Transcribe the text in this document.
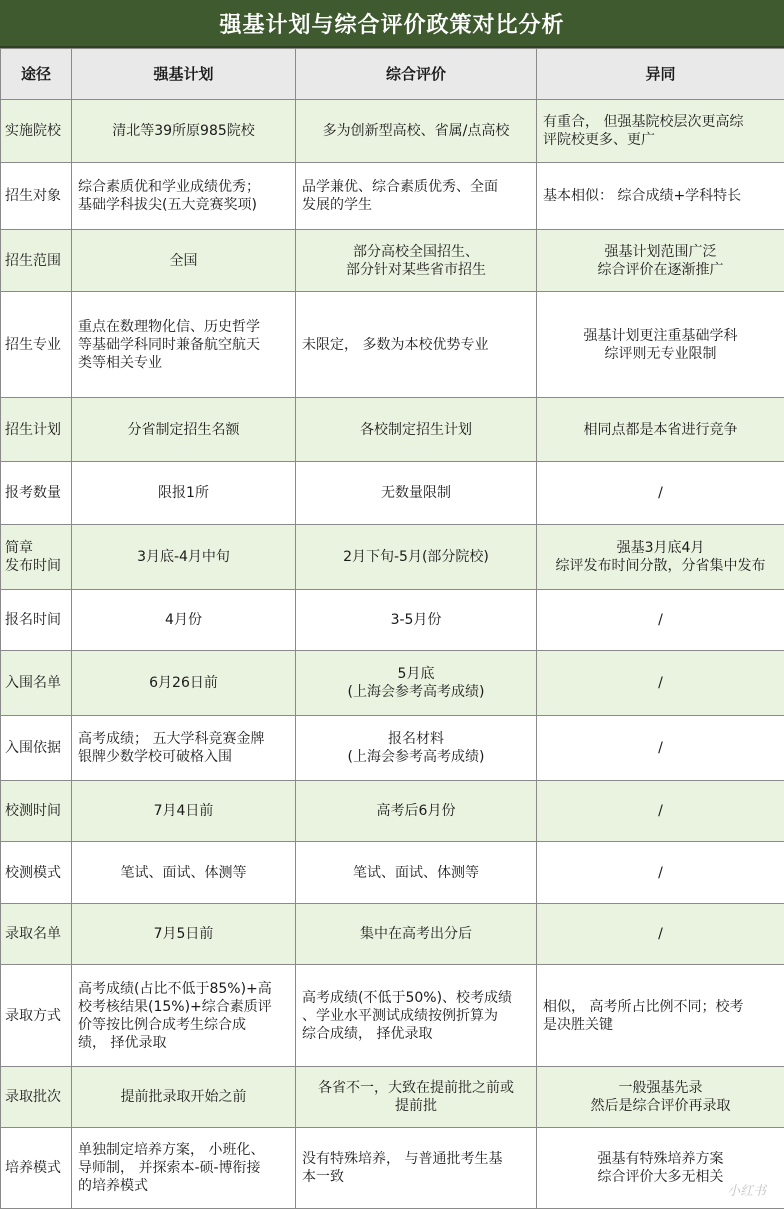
强基计划与综合评价政策对比分析
途径	强基计划	综合评价	异同

实施院校	清北等39所原985院校	多为创新型高校、省属/点高校	有重合， 但强基院校层次更高综
评院校更多、更广

招生对象	综合素质优和学业成绩优秀；
基础学科拔尖(五大竞赛奖项)	品学兼优、综合素质优秀、全面
发展的学生	基本相似： 综合成绩+学科特长

招生范围	全国	部分高校全国招生、
部分针对某些省市招生	强基计划范围广泛
综合评价在逐渐推广

招生专业	重点在数理物化信、历史哲学
等基础学科同时兼备航空航天
类等相关专业	未限定， 多数为本校优势专业	强基计划更注重基础学科
综评则无专业限制

招生计划	分省制定招生名额	各校制定招生计划	相同点都是本省进行竞争

报考数量	限报1所	无数量限制	/

简章
发布时间	3月底-4月中旬	2月下旬-5月(部分院校)	强基3月底4月
综评发布时间分散，分省集中发布

报名时间	4月份	3-5月份	/

入围名单	6月26日前	5月底
(上海会参考高考成绩)	/

入围依据	高考成绩； 五大学科竞赛金牌
银牌少数学校可破格入围	报名材料
(上海会参考高考成绩)	/

校测时间	7月4日前	高考后6月份	/

校测模式	笔试、面试、体测等	笔试、面试、体测等	/

录取名单	7月5日前	集中在高考出分后	/

录取方式	高考成绩(占比不低于85%)+高
校考核结果(15%)+综合素质评
价等按比例合成考生综合成
绩， 择优录取	高考成绩(不低于50%)、校考成绩
、学业水平测试成绩按例折算为
综合成绩， 择优录取	相似， 高考所占比例不同；校考
是决胜关键

录取批次	提前批录取开始之前	各省不一，大致在提前批之前或
提前批	一般强基先录
然后是综合评价再录取

培养模式	单独制定培养方案， 小班化、
导师制， 并探索本-硕-博衔接
的培养模式	没有特殊培养， 与普通批考生基
本一致	强基有特殊培养方案
综合评价大多无相关
小红书
